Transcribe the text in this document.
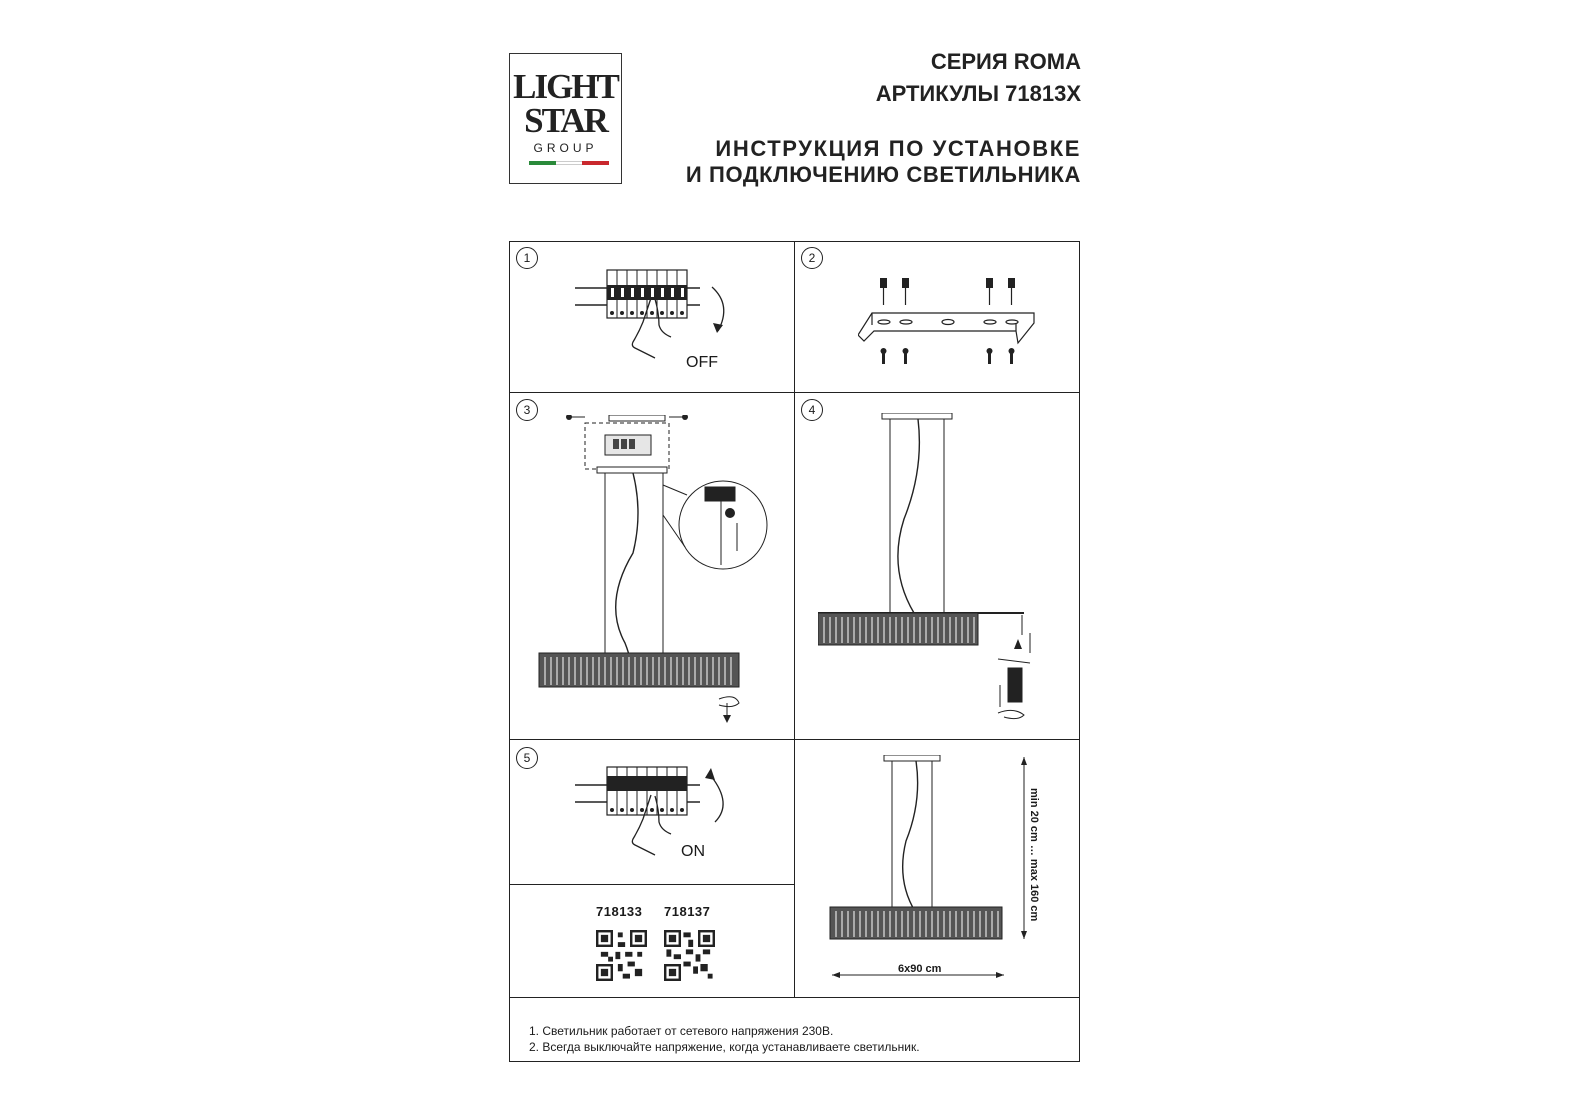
LIGHT
STAR
GROUP
СЕРИЯ ROMA
АРТИКУЛЫ 71813X
ИНСТРУКЦИЯ ПО УСТАНОВКЕ
И ПОДКЛЮЧЕНИЮ СВЕТИЛЬНИКА
1	2
3	4
5
OFF
ON
718133 718137
6x90 cm
min 20 cm … max 160 cm
1. Светильник работает от сетевого напряжения 230В.
2. Всегда выключайте напряжение, когда устанавливаете светильник.
